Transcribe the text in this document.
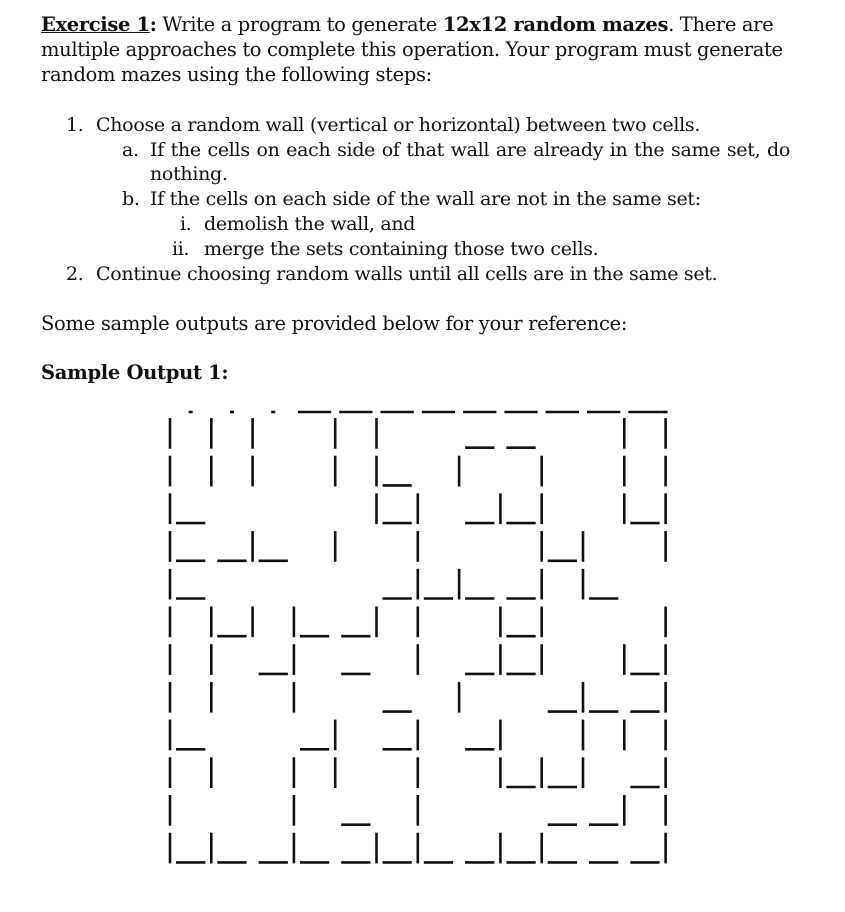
Exercise 1: Write a program to generate 12x12 random mazes. There are multiple approaches to complete this operation. Your program must generate random mazes using the following steps:
1. Choose a random wall (vertical or horizontal) between two cells.
a. If the cells on each side of that wall are already in the same set, do
nothing.
b. If the cells on each side of the wall are not in the same set:
i. demolish the wall, and
ii. merge the sets containing those two cells.
2. Continue choosing random walls until all cells are in the same set.

Some sample outputs are provided below for your reference:

Sample Output 1:
